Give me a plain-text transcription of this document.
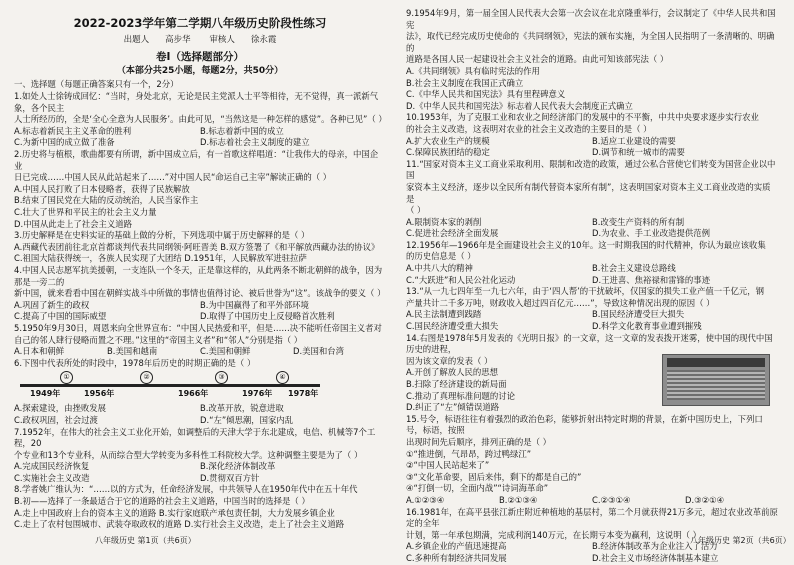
2022-2023学年第二学期八年级历史阶段性练习
出题人 高步华 审核人 徐永霞
卷Ⅰ（选择题部分）
（本部分共25小题，每题2分，共50分）

一、选择题（每题正确答案只有一个，2分）

1.如处人士徐铸成回忆：“当时，身处北京，无论是民主党派人士平等相待，无不觉得，真一派新气象，各个民主

人士所经历的，全是‘全心全意为人民服务’。由此可见，“当然这是一种怎样的感觉”。各种已见”（ ）

A.标志着新民主主义革命的胜利	B.标志着新中国的成立
C.为新中国的成立做了准备	D.标志着社会主义制度的建立

2.历史将与植根，歌曲都要有所谓，新中国成立后，有一首歌这样唱道：“让我伟大的母亲，中国企业

日已完成……中国人民从此站起来了……”对中国人民“命运自己主宰”解读正确的（ ）

A.中国人民打败了日本侵略者，获得了民族解放

B.结束了国民党在大陆的反动统治，人民当家作主

C.壮大了世界和平民主的社会主义力量

D.中国从此走上了社会主义道路

3.历史解释是在史料实证的基础上做的分析，下列选项中属于历史解释的是（ ）

A.西藏代表团前往北京首都谈判代表共同纲领·阿旺晋美 B.双方签署了《和平解放西藏办法的协议》

C.祖国大陆获得统一，各族人民实现了大团结 D.1951年，人民解放军进驻拉萨

4.中国人民志愿军抗美援朝，一支连队一个冬天，正是靠这样的，从此两条不断北朝鲜的战争，因为那是一旁二的

新中国，就来看看中国在朝鲜实战斗中所做的事情也值得讨论、被后世誉为“这”。该战争的要义（ ）

A.巩固了新生的政权	B.为中国赢得了和平外部环境
C.提高了中国的国际威望	D.取得了中国历史上反侵略首次胜利

5.1950年9月30日，周恩来向全世界宣布：“中国人民热爱和平，但是……决不能听任帝国主义者对

自己的邻人肆行侵略而置之不理。”这里的“帝国主义者”和“邻人”分别是指（ ）

A.日本和朝鲜	B.美国和越南	C.美国和朝鲜	D.美国和台湾

6.下图中代表所处的时段中，1978年后历史的时期正确的是（ ）

①	②	③	④
1949年	1956年	1966年	1976年 1978年
A.探索建设，由挫败发展	B.改革开放，锐意进取
C.政权巩固，社会过渡	D.“左”倾思潮，国家内乱

7.1952年，在伟大的社会主义工业化开始，如调整后的天津大学于东北建成，电信、机械等7个工程，20

个专业和13个专业科，从而综合型大学转变为多科性工科院校大学。这种调整主要是为了（ ）

A.完成国民经济恢复	B.深化经济体制改革
C.实施社会主义改造	D.贯彻双百方针

8.学者姚广维认为：“……以的方式为，任命经济发展，中共领导人在1950年代中在五十年代

B.初——选择了一条最适合于它的道路的社会主义道路，中国当时的选择是（ ）

A.走上中国政府上台的资本主义的道路 B.实行家庭联产承包责任制，大力发展乡镇企业

C.走上了农村包围城市、武装夺取政权的道路 D.实行社会主义改造，走上了社会主义道路

9.1954年9月，第一届全国人民代表大会第一次会议在北京隆重举行，会议制定了《中华人民共和国宪

法》，取代已经完成历史使命的《共同纲领》，宪法的颁布实施，为全国人民指明了一条清晰的、明确的

道路是各国人民一起建设社会主义社会的道路。由此可知该部宪法（ ）

A.《共同纲领》具有临时宪法的作用

B.社会主义制度在我国正式确立

C.《中华人民共和国宪法》具有里程碑意义

D.《中华人民共和国宪法》标志着人民代表大会制度正式确立

10.1953年，为了克服工业和农业之间经济部门的发展中的不平衡，中共中央要求逐步实行农业

的社会主义改造，这表明对农业的社会主义改造的主要目的是（ ）

A.扩大农业生产的规模	B.适应工业建设的需要
C.保障民族团结的稳定	D.调节和统一城市的需要

11.“国家对资本主义工商业采取利用、限制和改造的政策，通过公私合营使它们转变为国营企业以中国

家资本主义经济，逐步以全民所有制代替资本家所有制”，这表明国家对资本主义工商业改造的实质是

（ ）

A.限制资本家的剥削	B.改变生产资料的所有制
C.促进社会经济全面发展	D.为农业、手工业改造提供范例

12.1956年—1966年是全面建设社会主义的10年。这一时期我国的时代精神，你认为最应该收集

的历史信息是（ ）

A.中共八大的精神	B.社会主义建设总路线
C.“大跃进”和人民公社化运动	D.王进喜、焦裕禄和雷锋的事迹

13.“从一九七四年至一九七六年，由于‘四人帮’的干扰破坏，仅国家的损失工业产值一千亿元，钢

产量共计二千多万吨，财政收入超过四百亿元……”，导致这种情况出现的原因（ ）

A.民主法制遭到践踏	B.国民经济遭受巨大损失
C.国民经济遭受重大损失	D.科学文化教育事业遭到摧残

14.右图是1978年5月发表的《光明日报》的一文章，这一文章的发表拨开迷雾，使中国的现代中国历史的进程，

因为该文章的发表（ ）

A.开创了解放人民的思想

B.扫除了经济建设的新局面

C.推动了真理标准问题的讨论

D.纠正了“左”倾错误道路

15.号令，标语往往有着强烈的政治色彩，能够折射出特定时期的背景，在新中国历史上，下列口号，标语，按照

出现时间先后顺序，排列正确的是（ ）

①“推进倒，气昂昂，跨过鸭绿江”

②“中国人民站起来了”

③“文化革命要，固后来伟，剩下的都是自己的”

④“打倒一切，全面内战”“诗词海革命”

A.①②③④	B.②①③④	C.②③①④	D.③②①④

16.1981年，在高平县张江新庄附近种植地的基层村，第二个月就获得21万多元，超过农业改革前原定的全年

计划，第一年承包期满，完成利润140万元，在长期亏本变为赢利，这说明（ ）

A.乡镇企业的产值迅速提高	B.经济体制改革为企业注入了活力
C.多种所有制经济共同发展	D.社会主义市场经济体制基本建立
八年级历史 第1页（共6页）	八年级历史 第2页（共6页）
